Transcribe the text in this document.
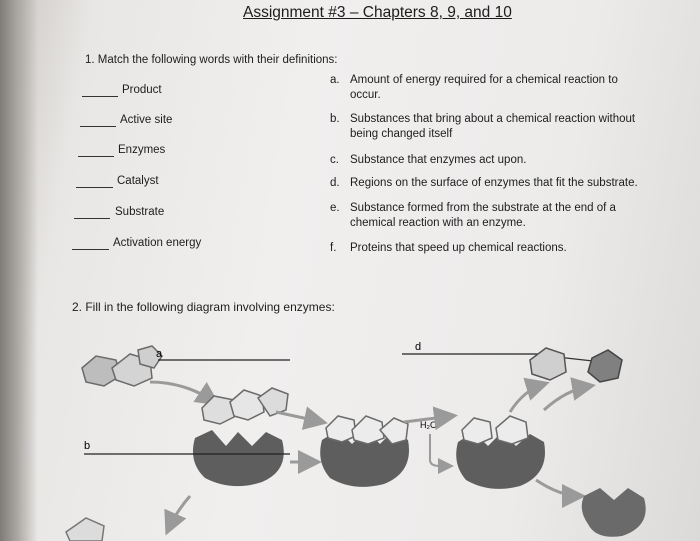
Assignment #3 – Chapters 8, 9, and 10
1. Match the following words with their definitions:
Product
Active site
Enzymes
Catalyst
Substrate
Activation energy
a. Amount of energy required for a chemical reaction to
occur.
b. Substances that bring about a chemical reaction without
being changed itself
c. Substance that enzymes act upon.
d. Regions on the surface of enzymes that fit the substrate.
e. Substance formed from the substrate at the end of a
chemical reaction with an enzyme.
f. Proteins that speed up chemical reactions.
2. Fill in the following diagram involving enzymes:
a
b
H₂O
d
